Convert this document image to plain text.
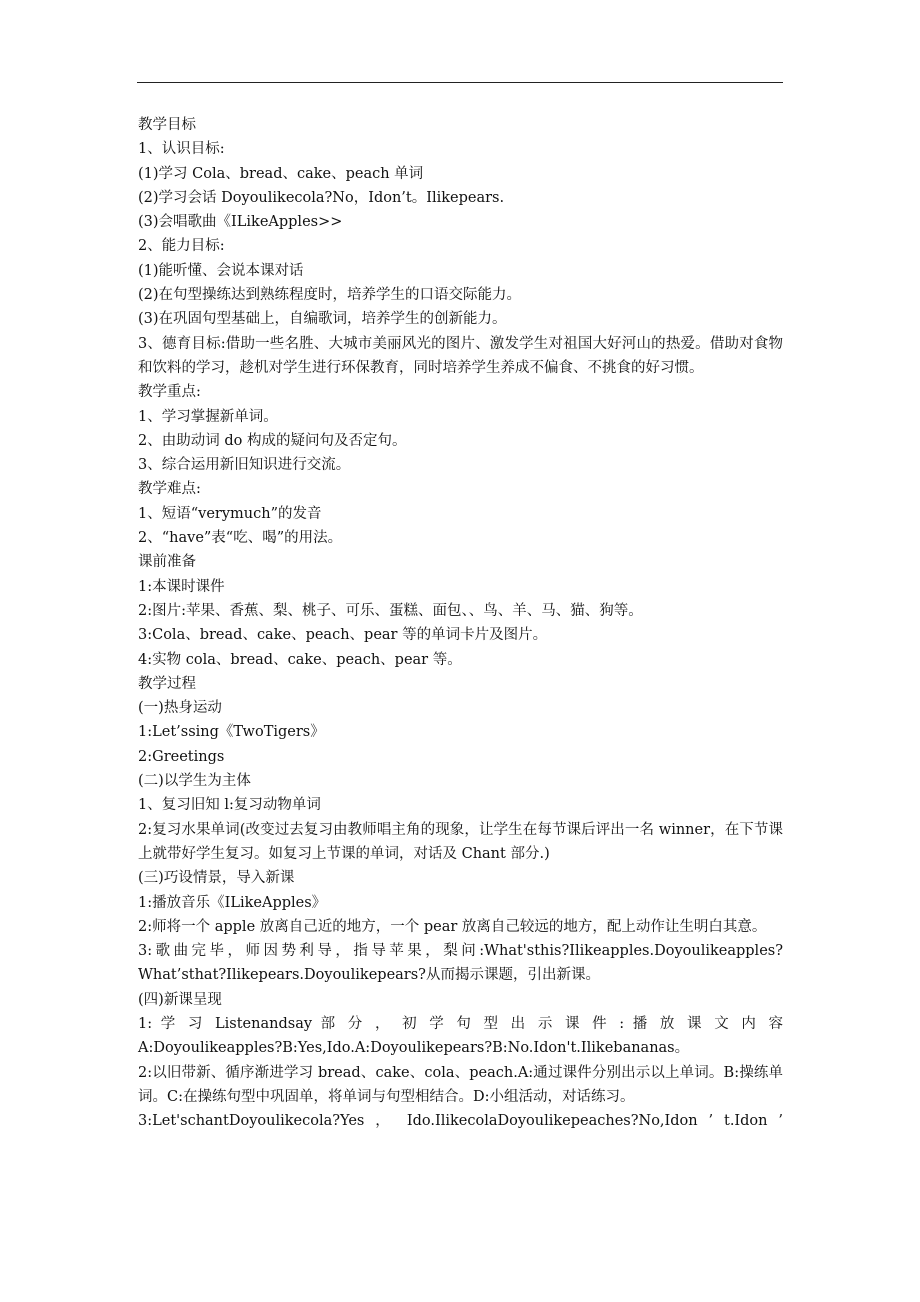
教学目标
1、认识目标:
(1)学习 Cola、bread、cake、peach 单词
(2)学习会话 Doyoulikecola?No，Idon’t。Ilikepears.
(3)会唱歌曲《ILikeApples>>
2、能力目标:
(1)能听懂、会说本课对话
(2)在句型操练达到熟练程度时，培养学生的口语交际能力。
(3)在巩固句型基础上，自编歌词，培养学生的创新能力。
3、德育目标:借助一些名胜、大城市美丽风光的图片、激发学生对祖国大好河山的热爱。借助对食物和饮料的学习，趁机对学生进行环保教育，同时培养学生养成不偏食、不挑食的好习惯。
教学重点:
1、学习掌握新单词。
2、由助动词 do 构成的疑问句及否定句。
3、综合运用新旧知识进行交流。
教学难点:
1、短语“verymuch”的发音
2、“have”表“吃、喝”的用法。
课前准备
1:本课时课件
2:图片:苹果、香蕉、梨、桃子、可乐、蛋糕、面包、、鸟、羊、马、猫、狗等。
3:Cola、bread、cake、peach、pear 等的单词卡片及图片。
4:实物 cola、bread、cake、peach、pear 等。
教学过程
(一)热身运动
1:Let’ssing《TwoTigers》
2:Greetings
(二)以学生为主体
1、复习旧知 l:复习动物单词
2:复习水果单词(改变过去复习由教师唱主角的现象，让学生在每节课后评出一名 winner，在下节课上就带好学生复习。如复习上节课的单词，对话及 Chant 部分.)
(三)巧设情景，导入新课
1:播放音乐《ILikeApples》
2:师将一个 apple 放离自己近的地方，一个 pear 放离自己较远的地方，配上动作让生明白其意。
3:歌曲完毕，师因势利导，指导苹果，梨问:What'sthis?Ilikeapples.Doyoulikeapples?What’sthat?Ilikepears.Doyoulikepears?从而揭示课题，引出新课。
(四)新课呈现
1: 学 习 Listenandsay 部 分 ， 初 学 句 型 出 示 课 件 : 播 放 课 文 内 容
A:Doyoulikeapples?B:Yes,Ido.A:Doyoulikepears?B:No.Idon't.Ilikebananas。
2:以旧带新、循序渐进学习 bread、cake、cola、peach.A:通过课件分别出示以上单词。B:操练单词。C:在操练句型中巩固单，将单词与句型相结合。D:小组活动，对话练习。
3:Let'schantDoyoulikecola?Yes ， Ido.IlikecolaDoyoulikepeaches?No,Idon ’ t.Idon ’
